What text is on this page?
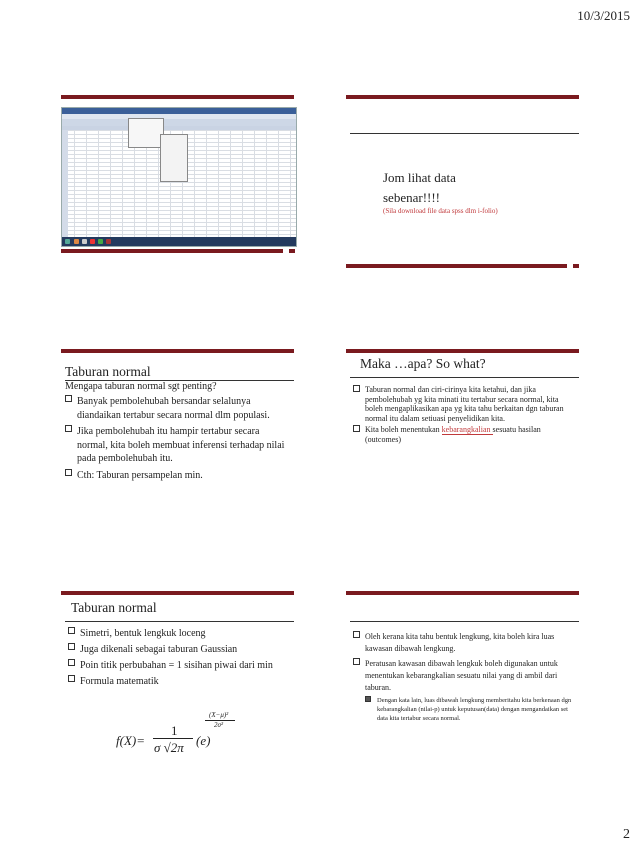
10/3/2015
Jom lihat data
sebenar!!!!
(Sila download file data spss dlm i-folio)
Taburan normal
Mengapa taburan normal sgt penting?
Banyak pembolehubah bersandar selalunya diandaikan tertabur secara normal dlm populasi.
Jika pembolehubah itu hampir tertabur secara normal, kita boleh membuat inferensi terhadap nilai pada pembolehubah itu.
Cth: Taburan persampelan min.
Maka …apa? So what?
Taburan normal dan ciri-cirinya kita ketahui, dan jika pembolehubah yg kita minati itu tertabur secara normal, kita boleh mengaplikasikan apa yg kita tahu berkaitan dgn taburan normal itu dalam setiuasi penyelidikan kita.
Kita boleh menentukan kebarangkalian sesuatu hasilan (outcomes)
Taburan normal
Simetri, bentuk lengkuk loceng
Juga dikenali sebagai taburan Gaussian
Poin titik perbubahan = 1 sisihan piwai dari min
Formula matematik
f(X)=
1
σ √2π (e)
(X−μ)²
2σ²
Oleh kerana kita tahu bentuk lengkung, kita boleh kira luas kawasan dibawah lengkung.
Peratusan kawasan dibawah lengkuk boleh digunakan untuk menentukan kebarangkalian sesuatu nilai yang di ambil dari taburan.
Dengan kata lain, luas dibawah lengkung memberitahu kita berkenaan dgn kebarangkalian (nilai-p) untuk keputusan(data) dengan mengandaikan set data kita tertabur secara normal.
2
